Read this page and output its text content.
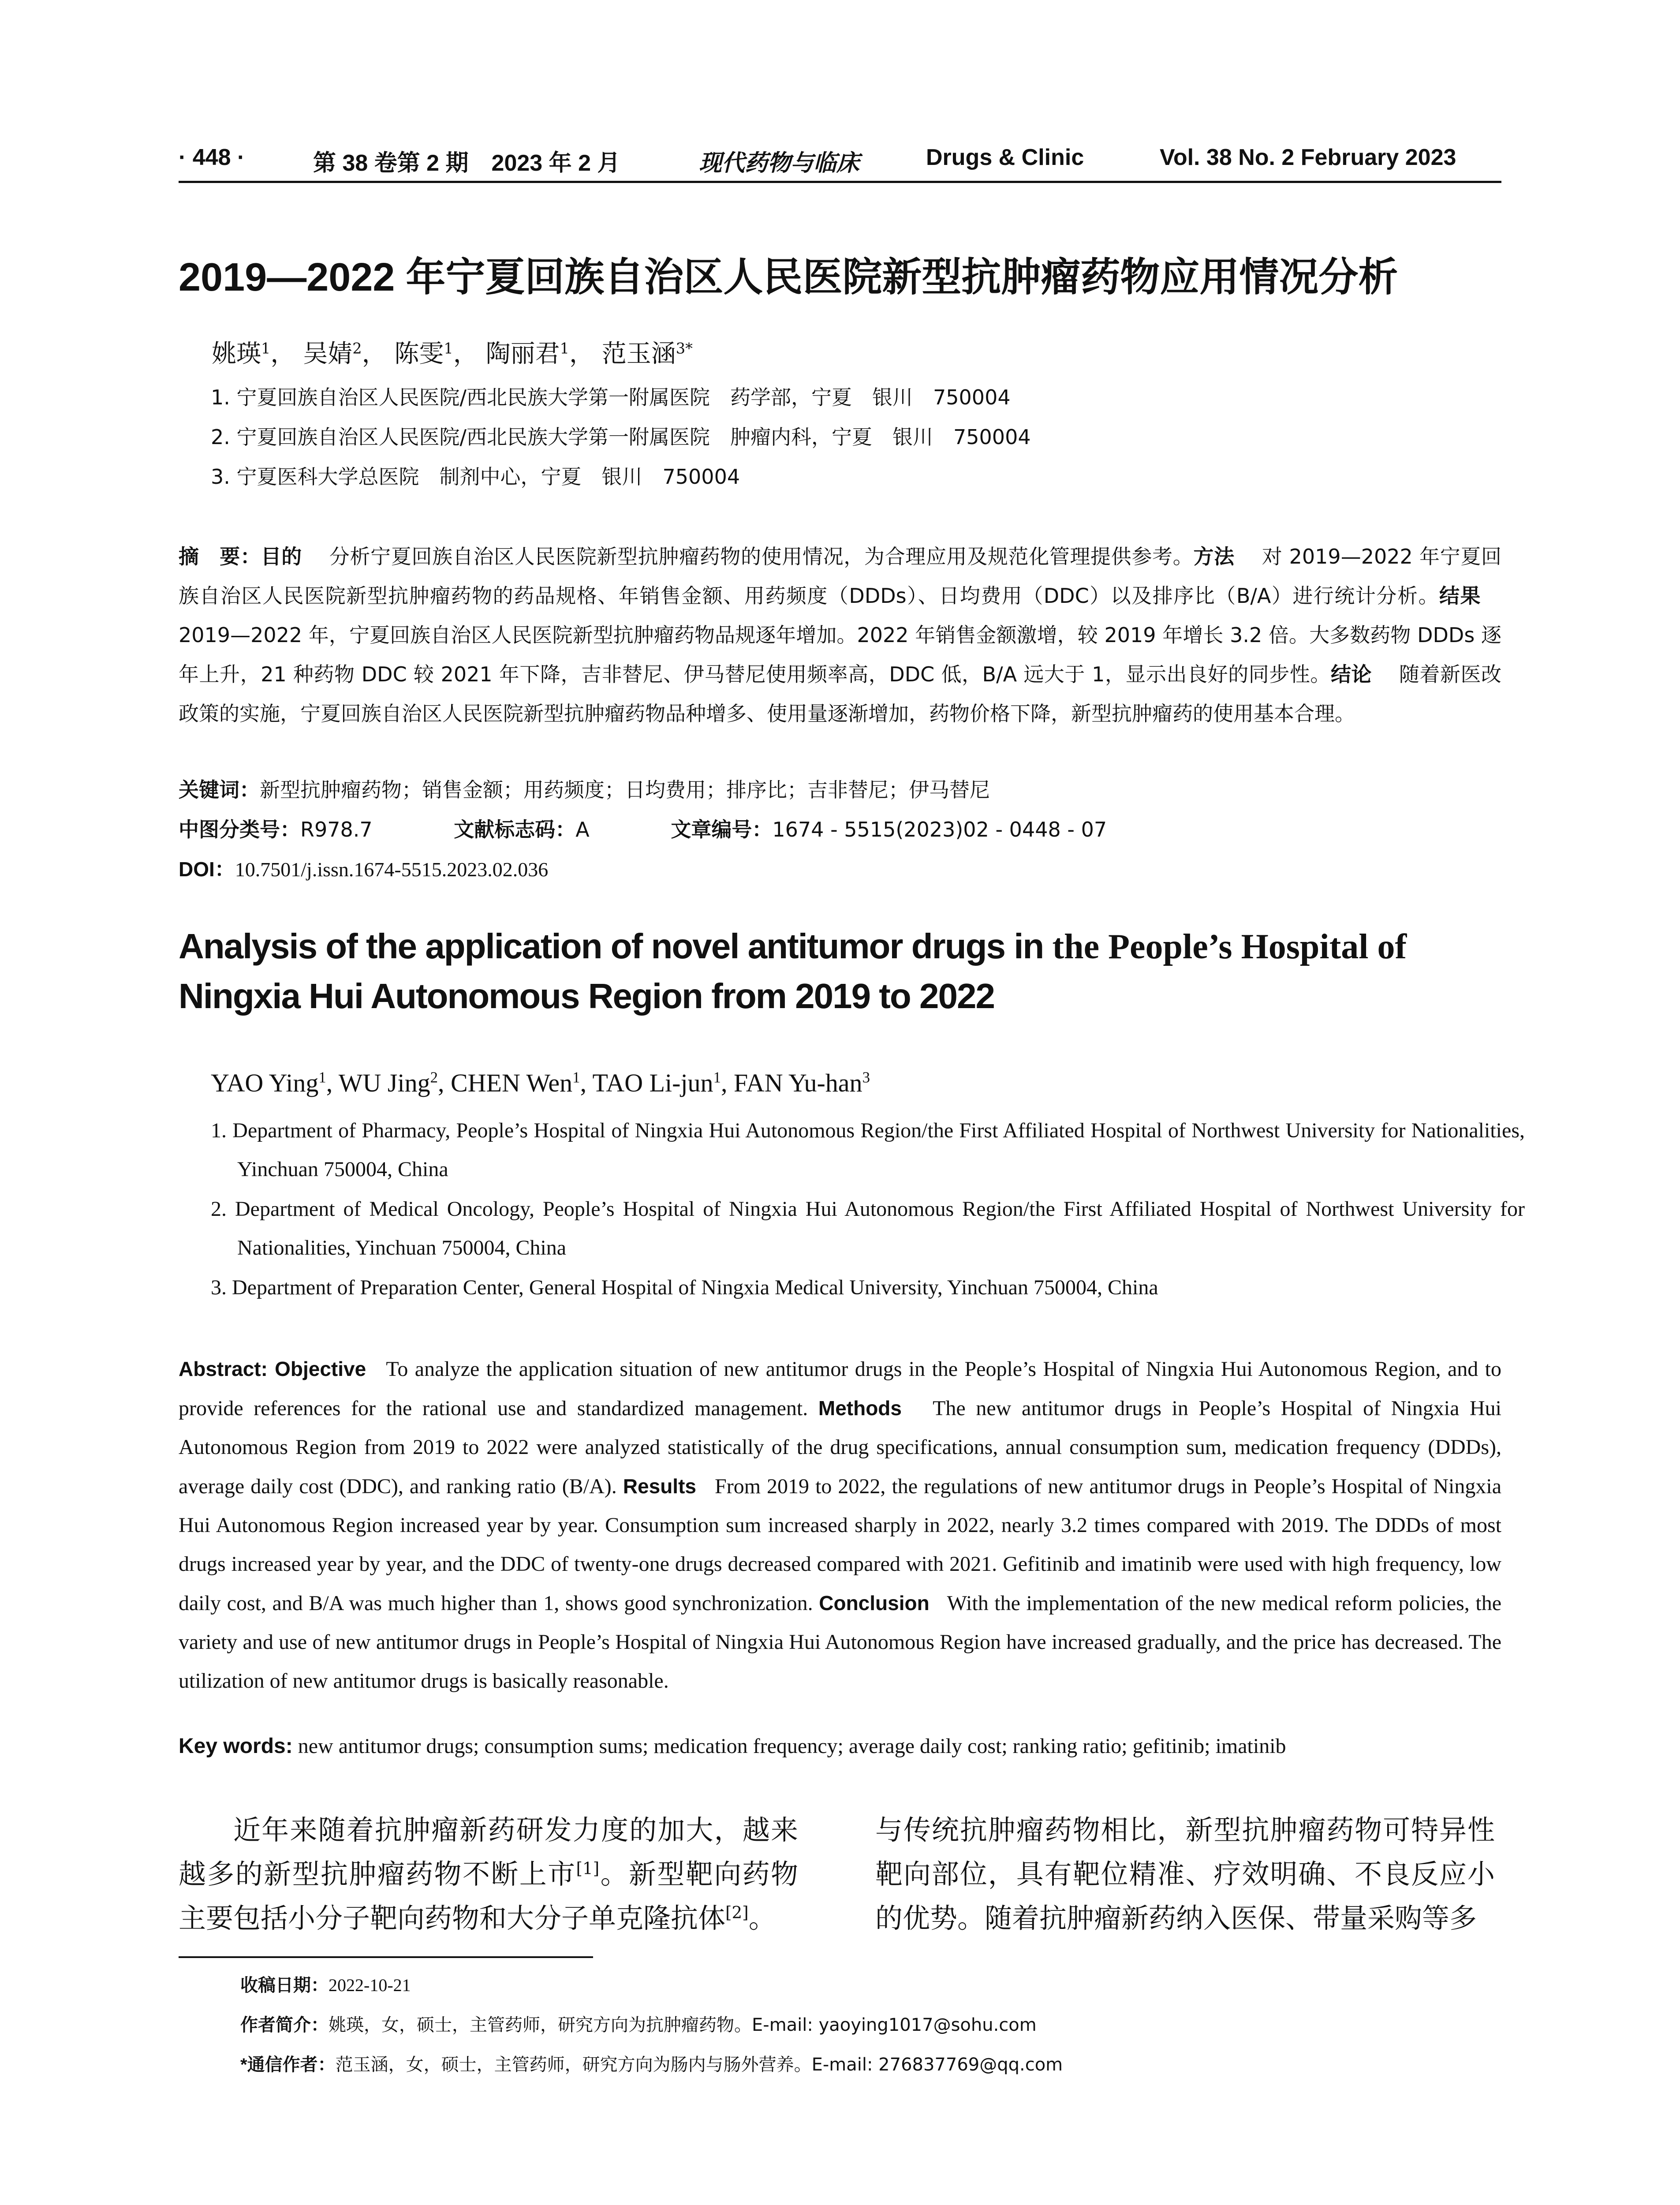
· 448 ·	第 38 卷第 2 期　2023 年 2 月	现代药物与临床	Drugs & Clinic	Vol. 38 No. 2 February 2023
2019—2022 年宁夏回族自治区人民医院新型抗肿瘤药物应用情况分析
姚瑛$^1$， 吴婧$^2$， 陈雯$^1$， 陶丽君$^1$， 范玉涵$^{3*}$
1. 宁夏回族自治区人民医院/西北民族大学第一附属医院　药学部，宁夏　银川　750004
2. 宁夏回族自治区人民医院/西北民族大学第一附属医院　肿瘤内科，宁夏　银川　750004
3. 宁夏医科大学总医院　制剂中心，宁夏　银川　750004
摘　要：目的　 分析宁夏回族自治区人民医院新型抗肿瘤药物的使用情况，为合理应用及规范化管理提供参考。方法　 对 2019—2022 年宁夏回族自治区人民医院新型抗肿瘤药物的药品规格、年销售金额、用药频度（DDDs）、日均费用（DDC）以及排序比（B/A）进行统计分析。结果　 2019—2022 年，宁夏回族自治区人民医院新型抗肿瘤药物品规逐年增加。2022 年销售金额激增，较 2019 年增长 3.2 倍。大多数药物 DDDs 逐年上升，21 种药物 DDC 较 2021 年下降，吉非替尼、伊马替尼使用频率高，DDC 低，B/A 远大于 1，显示出良好的同步性。结论　 随着新医改政策的实施，宁夏回族自治区人民医院新型抗肿瘤药物品种增多、使用量逐渐增加，药物价格下降，新型抗肿瘤药的使用基本合理。
关键词：新型抗肿瘤药物；销售金额；用药频度；日均费用；排序比；吉非替尼；伊马替尼
中图分类号：R978.7	文献标志码：A	文章编号：1674 - 5515(2023)02 - 0448 - 07
DOI：10.7501/j.issn.1674-5515.2023.02.036
Analysis of the application of novel antitumor drugs in the People’s Hospital of
Ningxia Hui Autonomous Region from 2019 to 2022
YAO Ying$^1$, WU Jing$^2$, CHEN Wen$^1$, TAO Li-jun$^1$, FAN Yu-han$^3$
1. Department of Pharmacy, People’s Hospital of Ningxia Hui Autonomous Region/the First Affiliated Hospital of Northwest University for Nationalities, Yinchuan 750004, China
2. Department of Medical Oncology, People’s Hospital of Ningxia Hui Autonomous Region/the First Affiliated Hospital of Northwest University for Nationalities, Yinchuan 750004, China
3. Department of Preparation Center, General Hospital of Ningxia Medical University, Yinchuan 750004, China
Abstract: Objective To analyze the application situation of new antitumor drugs in the People’s Hospital of Ningxia Hui Autonomous Region, and to provide references for the rational use and standardized management. Methods The new antitumor drugs in People’s Hospital of Ningxia Hui Autonomous Region from 2019 to 2022 were analyzed statistically of the drug specifications, annual consumption sum, medication frequency (DDDs), average daily cost (DDC), and ranking ratio (B/A). Results From 2019 to 2022, the regulations of new antitumor drugs in People’s Hospital of Ningxia Hui Autonomous Region increased year by year. Consumption sum increased sharply in 2022, nearly 3.2 times compared with 2019. The DDDs of most drugs increased year by year, and the DDC of twenty-one drugs decreased compared with 2021. Gefitinib and imatinib were used with high frequency, low daily cost, and B/A was much higher than 1, shows good synchronization. Conclusion With the implementation of the new medical reform policies, the variety and use of new antitumor drugs in People’s Hospital of Ningxia Hui Autonomous Region have increased gradually, and the price has decreased. The utilization of new antitumor drugs is basically reasonable.
Key words: new antitumor drugs; consumption sums; medication frequency; average daily cost; ranking ratio; gefitinib; imatinib
近年来随着抗肿瘤新药研发力度的加大，越来越多的新型抗肿瘤药物不断上市[1]。新型靶向药物主要包括小分子靶向药物和大分子单克隆抗体[2]。
与传统抗肿瘤药物相比，新型抗肿瘤药物可特异性靶向部位，具有靶位精准、疗效明确、不良反应小的优势。随着抗肿瘤新药纳入医保、带量采购等多
收稿日期：2022-10-21
作者简介：姚瑛，女，硕士，主管药师，研究方向为抗肿瘤药物。E-mail: yaoying1017@sohu.com
*通信作者：范玉涵，女，硕士，主管药师，研究方向为肠内与肠外营养。E-mail: 276837769@qq.com
